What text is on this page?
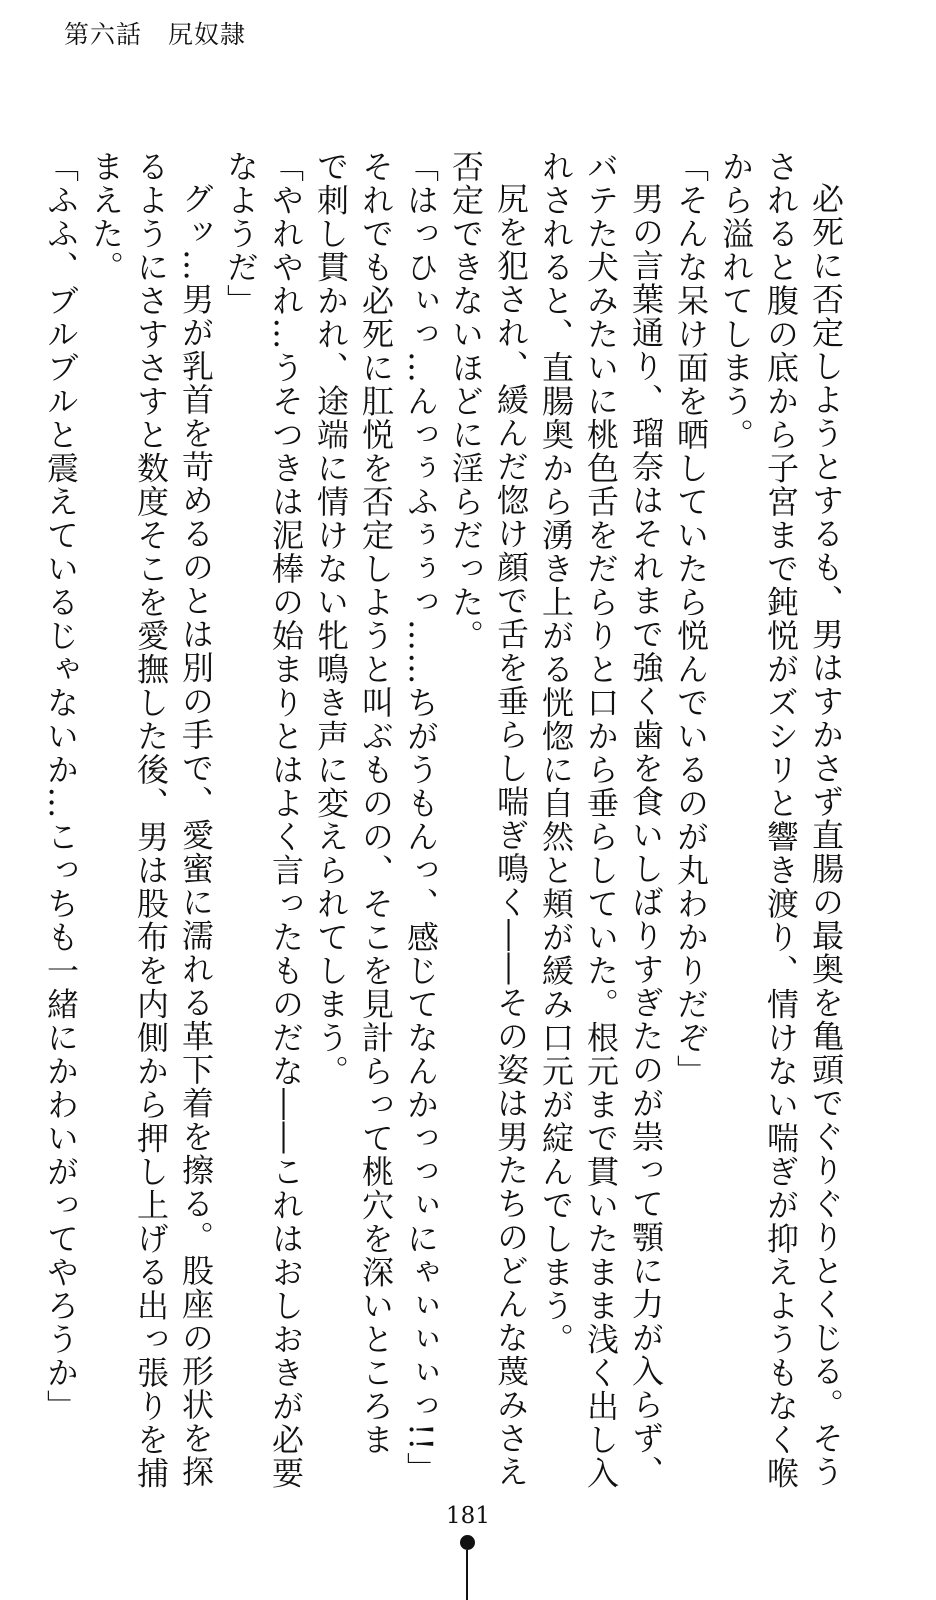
第六話　尻奴隷

必死に否定しようとするも、男はすかさず直腸の最奥を亀頭でぐりぐりとくじる。そう

されると腹の底から子宮まで鈍悦がズシリと響き渡り、情けない喘ぎが抑えようもなく喉

から溢れてしまう。

「そんな呆け面を晒していたら悦んでいるのが丸わかりだぞ」

男の言葉通り、瑠奈はそれまで強く歯を食いしばりすぎたのが祟って顎に力が入らず、

バテた犬みたいに桃色舌をだらりと口から垂らしていた。根元まで貫いたまま浅く出し入

れされると、直腸奥から湧き上がる恍惚に自然と頬が緩み口元が綻んでしまう。

尻を犯され、緩んだ惚け顔で舌を垂らし喘ぎ鳴く――その姿は男たちのどんな蔑みさえ

否定できないほどに淫らだった。

「はっひぃっ…んっぅふぅぅっ……ちがうもんっ、感じてなんかっっぃにゃぃぃぃっ!!」

それでも必死に肛悦を否定しようと叫ぶものの、そこを見計らって桃穴を深いところま

で刺し貫かれ、途端に情けない牝鳴き声に変えられてしまう。

「やれやれ…うそつきは泥棒の始まりとはよく言ったものだな――これはおしおきが必要

なようだ」

グッ…男が乳首を苛めるのとは別の手で、愛蜜に濡れる革下着を擦る。股座の形状を探

るようにさすさすと数度そこを愛撫した後、男は股布を内側から押し上げる出っ張りを捕

まえた。

「ふふ、ブルブルと震えているじゃないか…こっちも一緒にかわいがってやろうか」

181
